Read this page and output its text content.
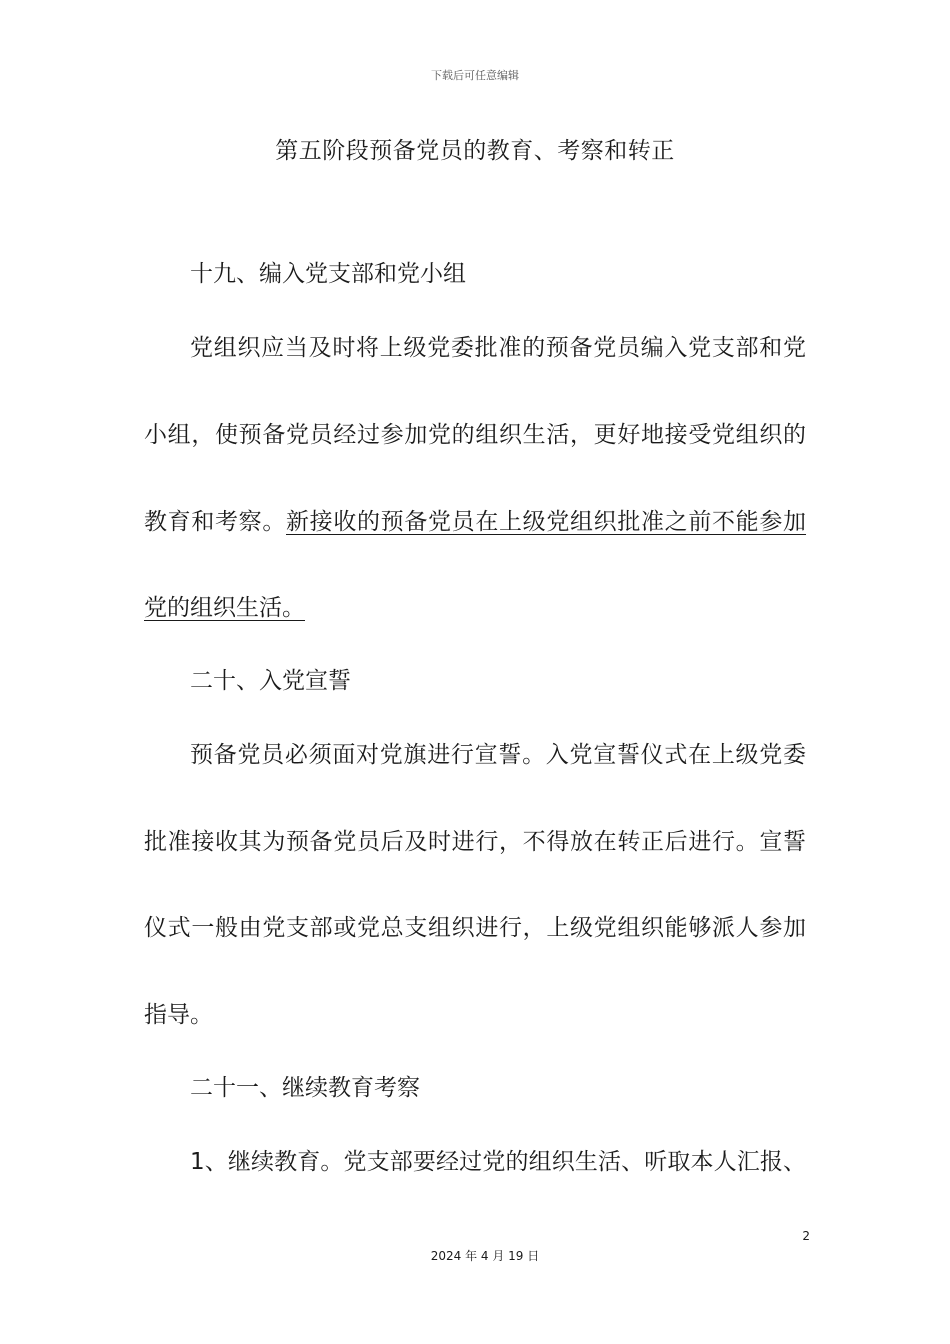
下载后可任意编辑
第五阶段预备党员的教育、考察和转正
十九、编入党支部和党小组
党组织应当及时将上级党委批准的预备党员编入党支部和党
小组，使预备党员经过参加党的组织生活，更好地接受党组织的
教育和考察。新接收的预备党员在上级党组织批准之前不能参加
党的组织生活。
二十、入党宣誓
预备党员必须面对党旗进行宣誓。入党宣誓仪式在上级党委
批准接收其为预备党员后及时进行，不得放在转正后进行。宣誓
仪式一般由党支部或党总支组织进行，上级党组织能够派人参加
指导。
二十一、继续教育考察
1、继续教育。党支部要经过党的组织生活、听取本人汇报、
2
2024 年 4 月 19 日
